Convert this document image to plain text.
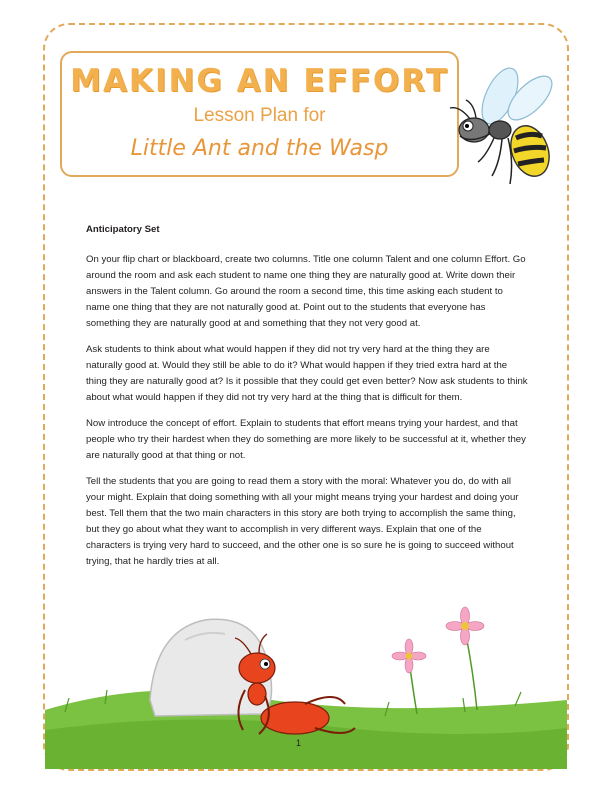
MAKING AN EFFORT
Lesson Plan for
Little Ant and the Wasp
Anticipatory Set

On your flip chart or blackboard, create two columns. Title one column Talent and one column Effort. Go around the room and ask each student to name one thing they are naturally good at. Write down their answers in the Talent column. Go around the room a second time, this time asking each student to name one thing that they are not naturally good at. Point out to the students that everyone has something they are naturally good at and something that they not very good at.

Ask students to think about what would happen if they did not try very hard at the thing they are naturally good at. Would they still be able to do it? What would happen if they tried extra hard at the thing they are naturally good at? Is it possible that they could get even better? Now ask students to think about what would happen if they did not try very hard at the thing that is difficult for them.

Now introduce the concept of effort. Explain to students that effort means trying your hardest, and that people who try their hardest when they do something are more likely to be successful at it, whether they are naturally good at that thing or not.

Tell the students that you are going to read them a story with the moral: Whatever you do, do with all your might. Explain that doing something with all your might means trying your hardest and doing your best. Tell them that the two main characters in this story are both trying to accomplish the same thing, but they go about what they want to accomplish in very different ways. Explain that one of the characters is trying very hard to succeed, and the other one is so sure he is going to succeed without trying, that he hardly tries at all.

1
